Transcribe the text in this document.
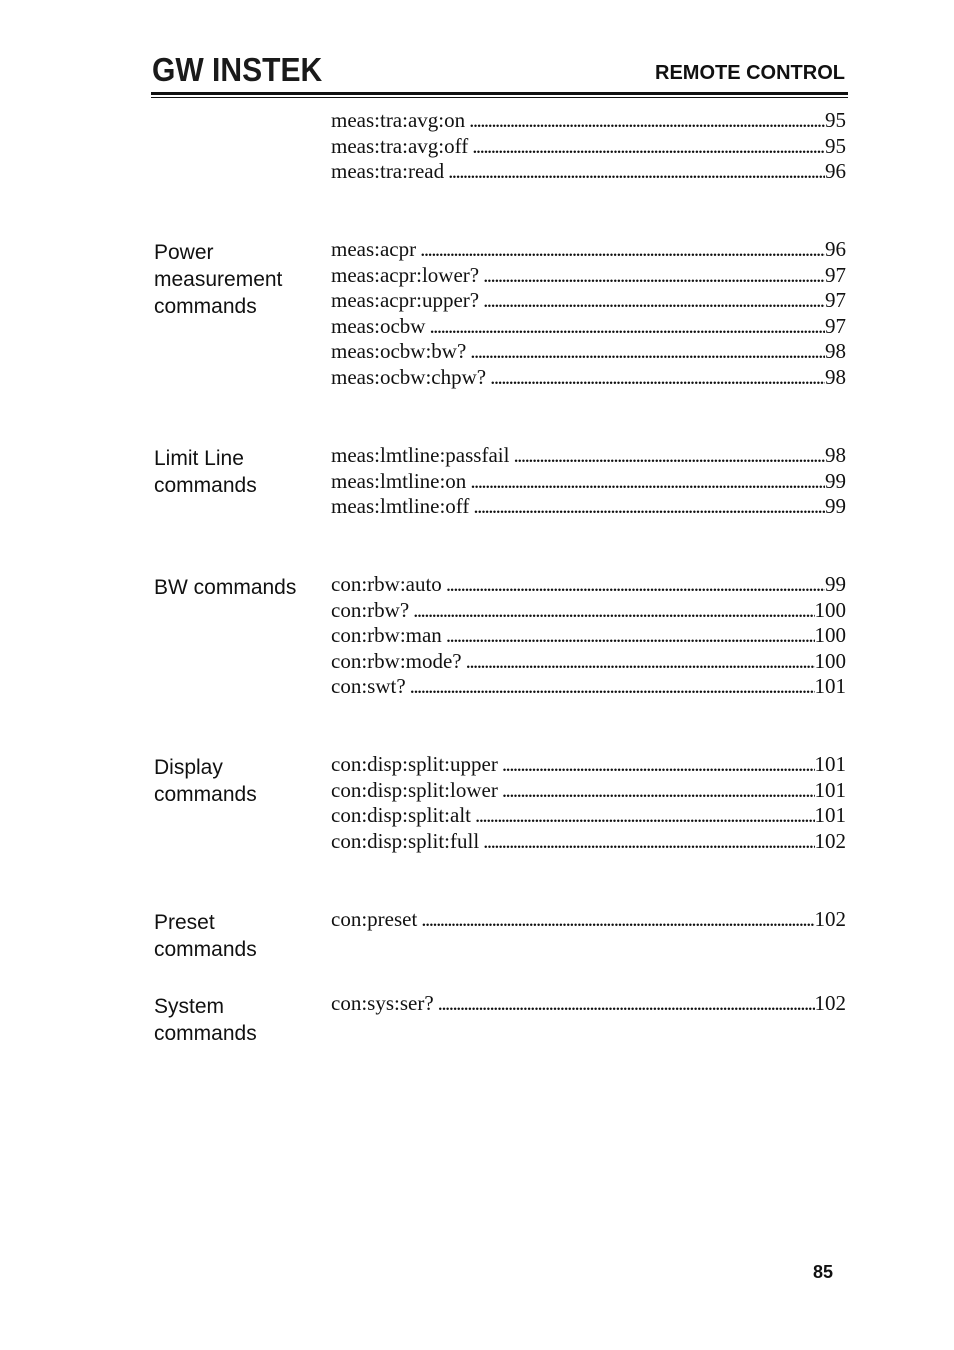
GW INSTEK	REMOTE CONTROL
meas:tra:avg:on .....	95
meas:tra:avg:off .....	95
meas:tra:read .....	96
Power measurement commands
meas:acpr .....	96
meas:acpr:lower? .....	97
meas:acpr:upper? .....	97
meas:ocbw .....	97
meas:ocbw:bw? .....	98
meas:ocbw:chpw? .....	98
Limit Line commands
meas:lmtline:passfail .....	98
meas:lmtline:on .....	99
meas:lmtline:off .....	99
BW commands	con:rbw:auto .....	99
con:rbw? .....	100
con:rbw:man .....	100
con:rbw:mode? .....	100
con:swt? .....	101
Display commands
con:disp:split:upper .....	101
con:disp:split:lower .....	101
con:disp:split:alt .....	101
con:disp:split:full .....	102
Preset commands
con:preset .....	102
System commands
con:sys:ser? .....	102
85
